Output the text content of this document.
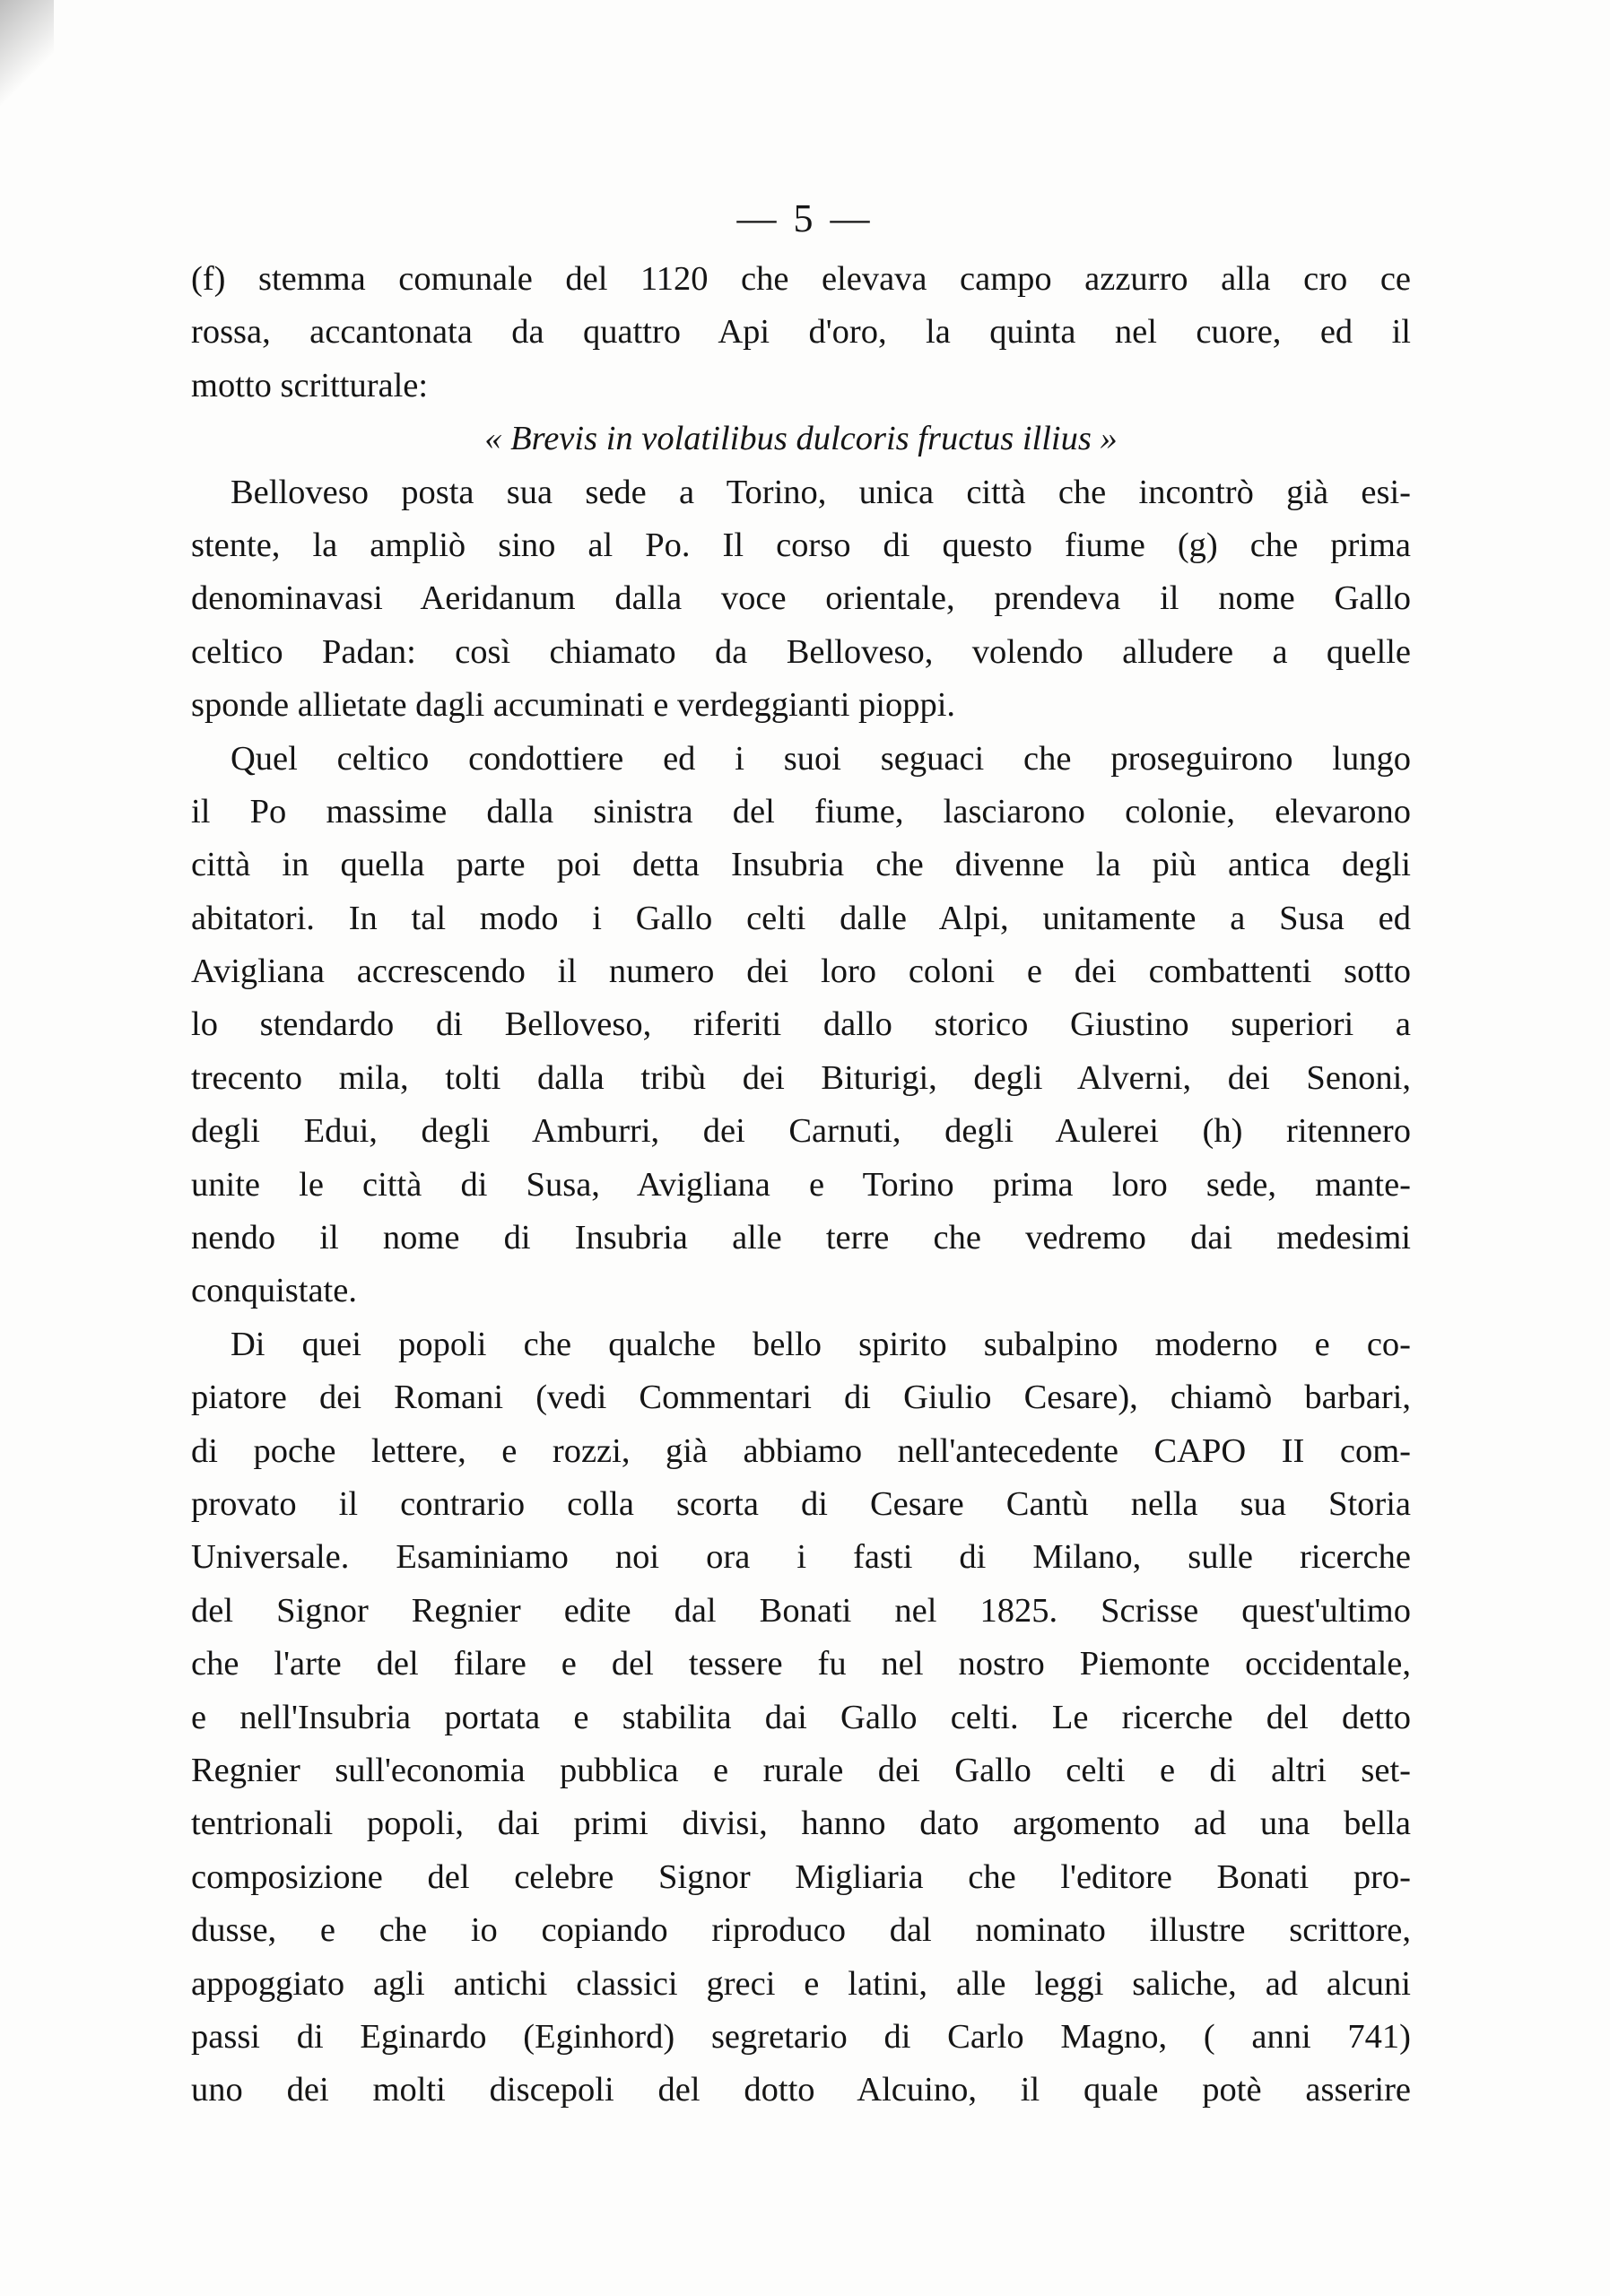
— 5 —
(f) stemma comunale del 1120 che elevava campo azzurro alla cro ce
rossa, accantonata da quattro Api d'oro, la quinta nel cuore, ed il
motto scritturale:
« Brevis in volatilibus dulcoris fructus illius »
Belloveso posta sua sede a Torino, unica città che incontrò già esi-
stente, la ampliò sino al Po. Il corso di questo fiume (g) che prima
denominavasi Aeridanum dalla voce orientale, prendeva il nome Gallo
celtico Padan: così chiamato da Belloveso, volendo alludere a quelle
sponde allietate dagli accuminati e verdeggianti pioppi.
Quel celtico condottiere ed i suoi seguaci che proseguirono lungo
il Po massime dalla sinistra del fiume, lasciarono colonie, elevarono
città in quella parte poi detta Insubria che divenne la più antica degli
abitatori. In tal modo i Gallo celti dalle Alpi, unitamente a Susa ed
Avigliana accrescendo il numero dei loro coloni e dei combattenti sotto
lo stendardo di Belloveso, riferiti dallo storico Giustino superiori a
trecento mila, tolti dalla tribù dei Biturigi, degli Alverni, dei Senoni,
degli Edui, degli Amburri, dei Carnuti, degli Aulerei (h) ritennero
unite le città di Susa, Avigliana e Torino prima loro sede, mante-
nendo il nome di Insubria alle terre che vedremo dai medesimi
conquistate.
Di quei popoli che qualche bello spirito subalpino moderno e co-
piatore dei Romani (vedi Commentari di Giulio Cesare), chiamò barbari,
di poche lettere, e rozzi, già abbiamo nell'antecedente CAPO II com-
provato il contrario colla scorta di Cesare Cantù nella sua Storia
Universale. Esaminiamo noi ora i fasti di Milano, sulle ricerche
del Signor Regnier edite dal Bonati nel 1825. Scrisse quest'ultimo
che l'arte del filare e del tessere fu nel nostro Piemonte occidentale,
e nell'Insubria portata e stabilita dai Gallo celti. Le ricerche del detto
Regnier sull'economia pubblica e rurale dei Gallo celti e di altri set-
tentrionali popoli, dai primi divisi, hanno dato argomento ad una bella
composizione del celebre Signor Migliaria che l'editore Bonati pro-
dusse, e che io copiando riproduco dal nominato illustre scrittore,
appoggiato agli antichi classici greci e latini, alle leggi saliche, ad alcuni
passi di Eginardo (Eginhord) segretario di Carlo Magno, ( anni 741)
uno dei molti discepoli del dotto Alcuino, il quale potè asserire
